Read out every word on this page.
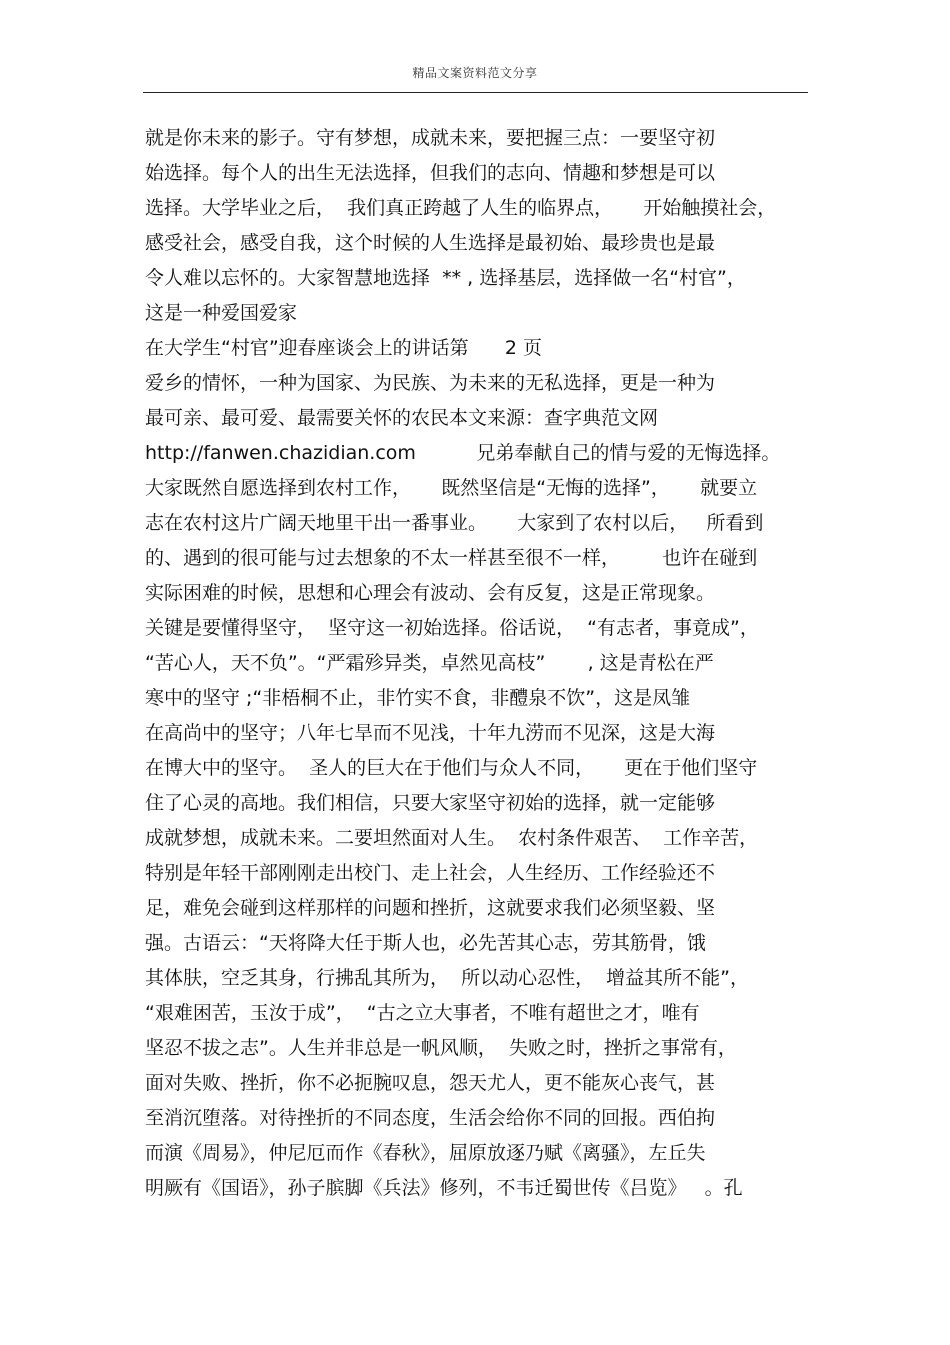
精品文案资料范文分享
就是你未来的影子。守有梦想，成就未来，要把握三点：一要坚守初
始选择。每个人的出生无法选择，但我们的志向、情趣和梦想是可以
选择。大学毕业之后，  我们真正跨越了人生的临界点，     开始触摸社会，
感受社会，感受自我，这个时候的人生选择是最初始、最珍贵也是最
令人难以忘怀的。大家智慧地选择  ** , 选择基层，选择做一名“村官”，
这是一种爱国爱家
在大学生“村官”迎春座谈会上的讲话第      2 页
爱乡的情怀，一种为国家、为民族、为未来的无私选择，更是一种为
最可亲、最可爱、最需要关怀的农民本文来源：查字典范文网
http://fanwen.chazidian.com          兄弟奉献自己的情与爱的无悔选择。
大家既然自愿选择到农村工作，     既然坚信是“无悔的选择”，     就要立
志在农村这片广阔天地里干出一番事业。     大家到了农村以后，   所看到
的、遇到的很可能与过去想象的不太一样甚至很不一样，       也许在碰到
实际困难的时候，思想和心理会有波动、会有反复，这是正常现象。
关键是要懂得坚守，  坚守这一初始选择。俗话说，  “有志者，事竟成”，
“苦心人，天不负”。“严霜殄异类，卓然见高枝”       , 这是青松在严
寒中的坚守 ;“非梧桐不止，非竹实不食，非醴泉不饮”，这是凤雏
在高尚中的坚守；八年七旱而不见浅，十年九涝而不见深，这是大海
在博大中的坚守。  圣人的巨大在于他们与众人不同，     更在于他们坚守
住了心灵的高地。我们相信，只要大家坚守初始的选择，就一定能够
成就梦想，成就未来。二要坦然面对人生。  农村条件艰苦、  工作辛苦，
特别是年轻干部刚刚走出校门、走上社会，人生经历、工作经验还不
足，难免会碰到这样那样的问题和挫折，这就要求我们必须坚毅、坚
强。古语云：“天将降大任于斯人也，必先苦其心志，劳其筋骨，饿
其体肤，空乏其身，行拂乱其所为，  所以动心忍性，  增益其所不能”，
“艰难困苦，玉汝于成”，  “古之立大事者，不唯有超世之才，唯有
坚忍不拔之志”。人生并非总是一帆风顺，  失败之时，挫折之事常有，
面对失败、挫折，你不必扼腕叹息，怨天尤人，更不能灰心丧气，甚
至消沉堕落。对待挫折的不同态度，生活会给你不同的回报。西伯拘
而演《周易》，仲尼厄而作《春秋》，屈原放逐乃赋《离骚》，左丘失
明厥有《国语》，孙子膑脚《兵法》修列，不韦迁蜀世传《吕览》   。孔
